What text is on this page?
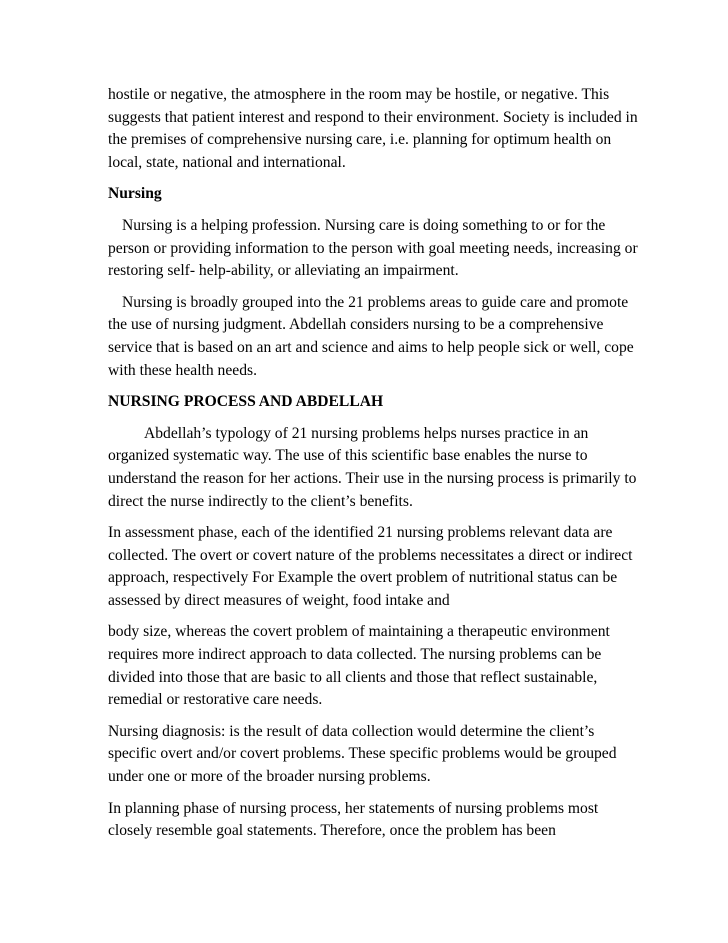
hostile or negative, the atmosphere in the room may be hostile, or negative. This suggests that patient interest and respond to their environment. Society is included in the premises of comprehensive nursing care, i.e. planning for optimum health on local, state, national and international.

Nursing

Nursing is a helping profession. Nursing care is doing something to or for the person or providing information to the person with goal meeting needs, increasing or restoring self- help-ability, or alleviating an impairment.

Nursing is broadly grouped into the 21 problems areas to guide care and promote the use of nursing judgment. Abdellah considers nursing to be a comprehensive service that is based on an art and science and aims to help people sick or well, cope with these health needs.

NURSING PROCESS AND ABDELLAH

Abdellah’s typology of 21 nursing problems helps nurses practice in an organized systematic way. The use of this scientific base enables the nurse to understand the reason for her actions. Their use in the nursing process is primarily to direct the nurse indirectly to the client’s benefits.

In assessment phase, each of the identified 21 nursing problems relevant data are collected. The overt or covert nature of the problems necessitates a direct or indirect approach, respectively For Example the overt problem of nutritional status can be assessed by direct measures of weight, food intake and

body size, whereas the covert problem of maintaining a therapeutic environment requires more indirect approach to data collected. The nursing problems can be divided into those that are basic to all clients and those that reflect sustainable, remedial or restorative care needs.

Nursing diagnosis: is the result of data collection would determine the client’s specific overt and/or covert problems. These specific problems would be grouped under one or more of the broader nursing problems.

In planning phase of nursing process, her statements of nursing problems most closely resemble goal statements. Therefore, once the problem has been
